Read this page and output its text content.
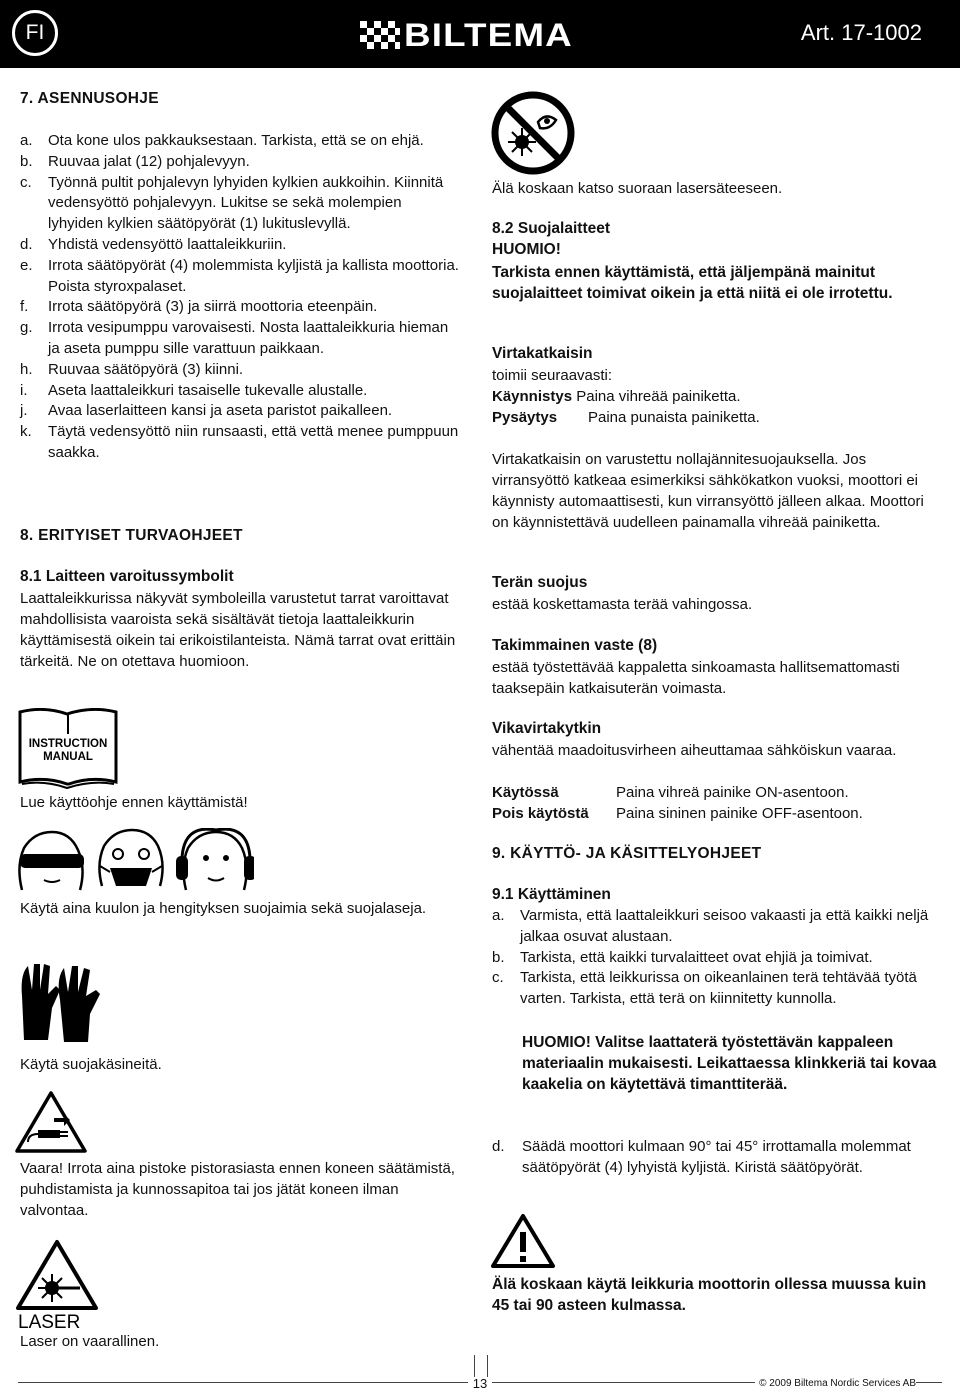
FI	BILTEMA	Art. 17-1002
7. ASENNUSOHJE
a. Ota kone ulos pakkauksestaan. Tarkista, että se on ehjä.
b. Ruuvaa jalat (12) pohjalevyyn.
c. Työnnä pultit pohjalevyn lyhyiden kylkien aukkoihin. Kiinnitä vedensyöttö pohjalevyyn. Lukitse se sekä molempien lyhyiden kylkien säätöpyörät (1) lukituslevyllä.
d. Yhdistä vedensyöttö laattaleikkuriin.
e. Irrota säätöpyörät (4) molemmista kyljistä ja kallista moottoria. Poista styroxpalaset.
f. Irrota säätöpyörä (3) ja siirrä moottoria eteenpäin.
g. Irrota vesipumppu varovaisesti. Nosta laattaleikkuria hieman ja aseta pumppu sille varattuun paikkaan.
h. Ruuvaa säätöpyörä (3) kiinni.
i. Aseta laattaleikkuri tasaiselle tukevalle alustalle.
j. Avaa laserlaitteen kansi ja aseta paristot paikalleen.
k. Täytä vedensyöttö niin runsaasti, että vettä menee pumppuun saakka.
8. ERITYISET TURVAOHJEET
8.1 Laitteen varoitussymbolit
Laattaleikkurissa näkyvät symboleilla varustetut tarrat varoittavat mahdollisista vaaroista sekä sisältävät tietoja laattaleikkurin käyttämisestä oikein tai erikoistilanteista. Nämä tarrat ovat erittäin tärkeitä. Ne on otettava huomioon.
INSTRUCTION
MANUAL
Lue käyttöohje ennen käyttämistä!
Käytä aina kuulon ja hengityksen suojaimia sekä suojalaseja.
Käytä suojakäsineitä.
Vaara! Irrota aina pistoke pistorasiasta ennen koneen säätämistä, puhdistamista ja kunnossapitoa tai jos jätät koneen ilman valvontaa.
LASER
Laser on vaarallinen.
Älä koskaan katso suoraan lasersäteeseen.
8.2 Suojalaitteet
HUOMIO!
Tarkista ennen käyttämistä, että jäljempänä mainitut suojalaitteet toimivat oikein ja että niitä ei ole irrotettu.
Virtakatkaisin
toimii seuraavasti:
Käynnistys Paina vihreää painiketta.
Pysäytys Paina punaista painiketta.
Virtakatkaisin on varustettu nollajännitesuojauksella. Jos virransyöttö katkeaa esimerkiksi sähkökatkon vuoksi, moottori ei käynnisty automaattisesti, kun virransyöttö jälleen alkaa. Moottori on käynnistettävä uudelleen painamalla vihreää painiketta.
Terän suojus
estää koskettamasta terää vahingossa.
Takimmainen vaste (8)
estää työstettävää kappaletta sinkoamasta hallitsemattomasti taaksepäin katkaisuterän voimasta.
Vikavirtakytkin
vähentää maadoitusvirheen aiheuttamaa sähköiskun vaaraa.
Käytössä	Paina vihreä painike ON-asentoon.
Pois käytöstä Paina sininen painike OFF-asentoon.
9. KÄYTTÖ- JA KÄSITTELYOHJEET
9.1 Käyttäminen
a. Varmista, että laattaleikkuri seisoo vakaasti ja että kaikki neljä jalkaa osuvat alustaan.
b. Tarkista, että kaikki turvalaitteet ovat ehjiä ja toimivat.
c. Tarkista, että leikkurissa on oikeanlainen terä tehtävää työtä varten. Tarkista, että terä on kiinnitetty kunnolla.
HUOMIO! Valitse laattaterä työstettävän kappaleen materiaalin mukaisesti. Leikattaessa klinkkeriä tai kovaa kaakelia on käytettävä timanttiterää.
d. Säädä moottori kulmaan 90° tai 45° irrottamalla molemmat säätöpyörät (4) lyhyistä kyljistä. Kiristä säätöpyörät.
Älä koskaan käytä leikkuria moottorin ollessa muussa kuin 45 tai 90 asteen kulmassa.
13	© 2009 Biltema Nordic Services AB
